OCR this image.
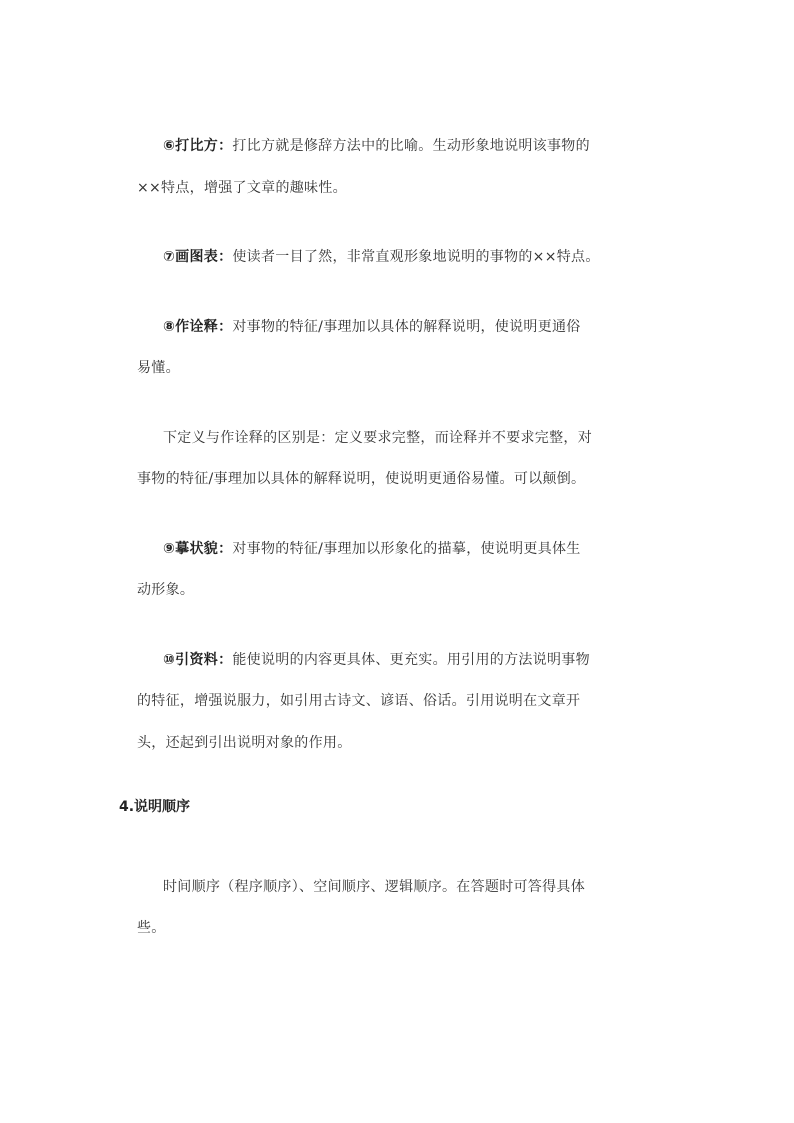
⑥打比方：打比方就是修辞方法中的比喻。生动形象地说明该事物的
××特点，增强了文章的趣味性。
⑦画图表：使读者一目了然，非常直观形象地说明的事物的××特点。
⑧作诠释：对事物的特征/事理加以具体的解释说明，使说明更通俗
易懂。
下定义与作诠释的区别是：定义要求完整，而诠释并不要求完整，对
事物的特征/事理加以具体的解释说明，使说明更通俗易懂。可以颠倒。
⑨摹状貌：对事物的特征/事理加以形象化的描摹，使说明更具体生
动形象。
⑩引资料：能使说明的内容更具体、更充实。用引用的方法说明事物
的特征，增强说服力，如引用古诗文、谚语、俗话。引用说明在文章开
头，还起到引出说明对象的作用。
4.说明顺序
时间顺序（程序顺序）、空间顺序、逻辑顺序。在答题时可答得具体
些。
